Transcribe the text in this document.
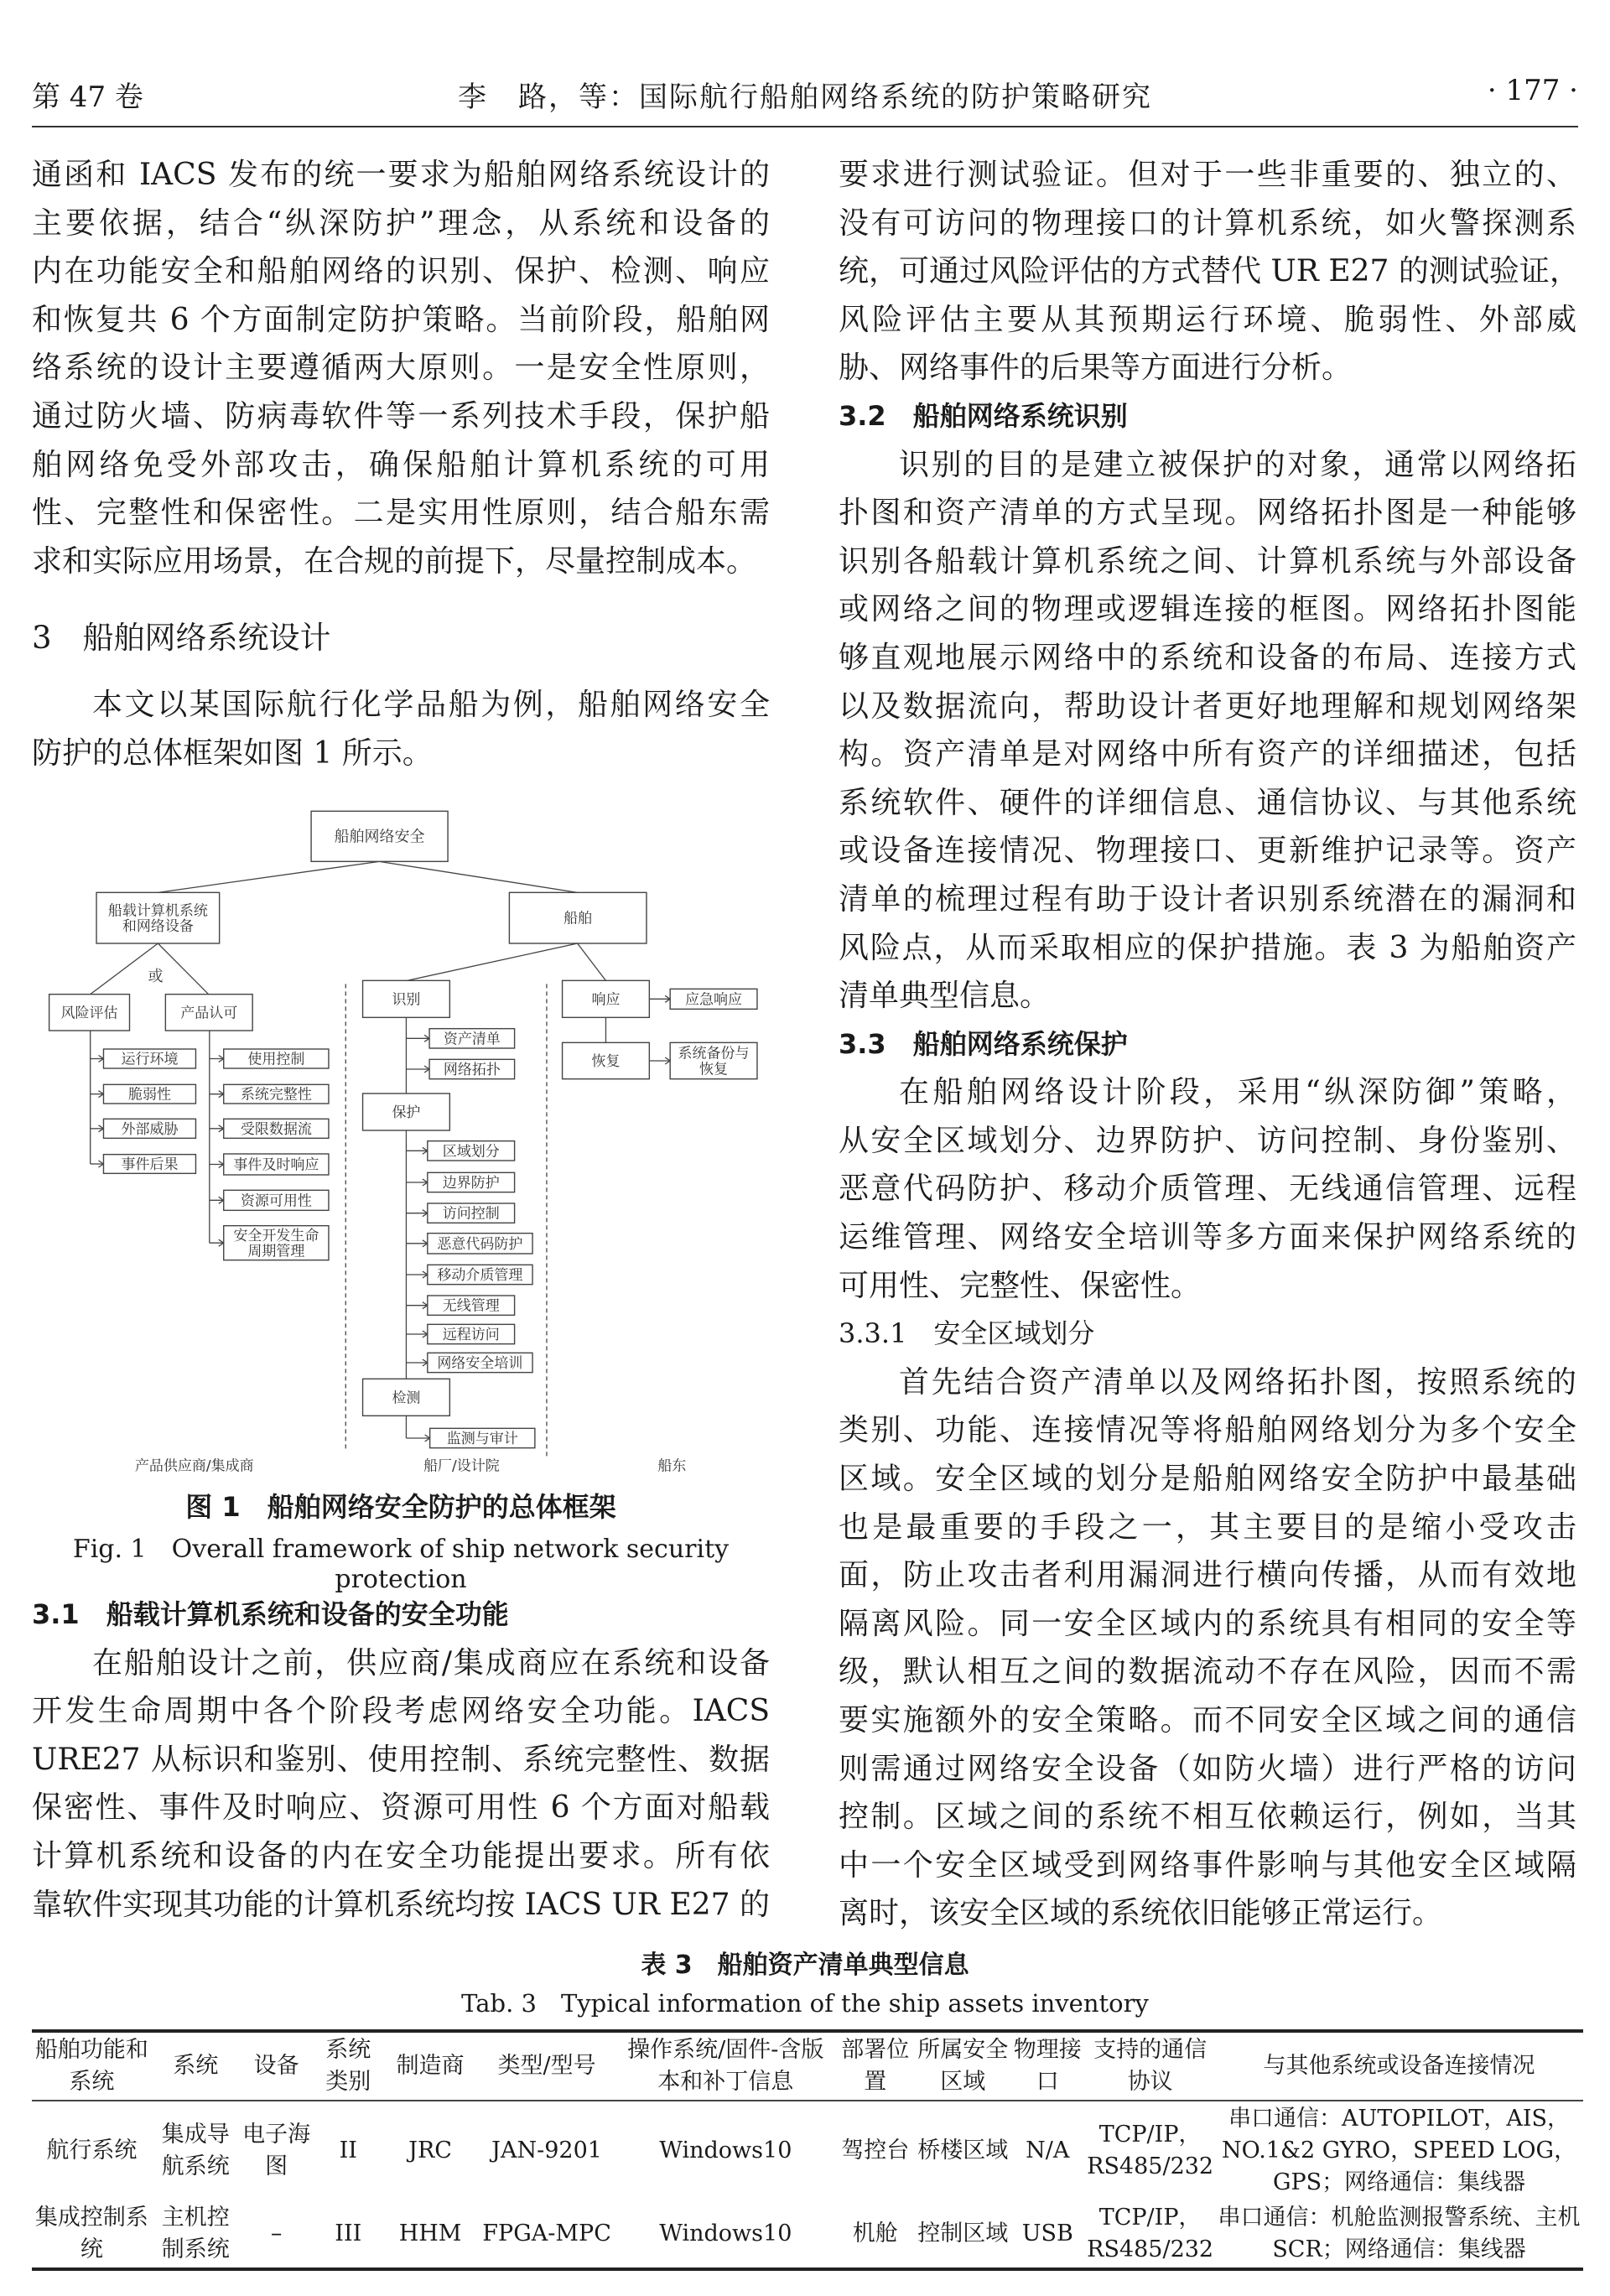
第 47 卷	李　路，等：国际航行船舶网络系统的防护策略研究	· 177 ·
通函和 IACS 发布的统一要求为船舶网络系统设计的
主要依据，结合“纵深防护”理念，从系统和设备的
内在功能安全和船舶网络的识别、保护、检测、响应
和恢复共 6 个方面制定防护策略。当前阶段，船舶网
络系统的设计主要遵循两大原则。一是安全性原则，
通过防火墙、防病毒软件等一系列技术手段，保护船
舶网络免受外部攻击，确保船舶计算机系统的可用
性、完整性和保密性。二是实用性原则，结合船东需
求和实际应用场景，在合规的前提下，尽量控制成本。
3　船舶网络系统设计
本文以某国际航行化学品船为例，船舶网络安全
防护的总体框架如图 1 所示。
船舶网络安全
船载计算机系统
和网络设备	船舶
或
风险评估	产品认可
运行环境
脆弱性
外部威胁
事件后果
使用控制
系统完整性
受限数据流
事件及时响应
资源可用性
安全开发生命
周期管理
识别
资产清单
网络拓扑
保护
区域划分
边界防护
访问控制
恶意代码防护
移动介质管理
无线管理
远程访问
网络安全培训
检测
监测与审计
响应	应急响应
恢复	系统备份与
恢复
产品供应商/集成商	船厂/设计院	船东
图 1　船舶网络安全防护的总体框架
Fig. 1　Overall framework of ship network security protection
3.1　船载计算机系统和设备的安全功能
在船舶设计之前，供应商/集成商应在系统和设备
开发生命周期中各个阶段考虑网络安全功能。IACS
URE27 从标识和鉴别、使用控制、系统完整性、数据
保密性、事件及时响应、资源可用性 6 个方面对船载
计算机系统和设备的内在安全功能提出要求。所有依
靠软件实现其功能的计算机系统均按 IACS UR E27 的
要求进行测试验证。但对于一些非重要的、独立的、
没有可访问的物理接口的计算机系统，如火警探测系
统，可通过风险评估的方式替代 UR E27 的测试验证，
风险评估主要从其预期运行环境、脆弱性、外部威
胁、网络事件的后果等方面进行分析。
3.2　船舶网络系统识别
识别的目的是建立被保护的对象，通常以网络拓
扑图和资产清单的方式呈现。网络拓扑图是一种能够
识别各船载计算机系统之间、计算机系统与外部设备
或网络之间的物理或逻辑连接的框图。网络拓扑图能
够直观地展示网络中的系统和设备的布局、连接方式
以及数据流向，帮助设计者更好地理解和规划网络架
构。资产清单是对网络中所有资产的详细描述，包括
系统软件、硬件的详细信息、通信协议、与其他系统
或设备连接情况、物理接口、更新维护记录等。资产
清单的梳理过程有助于设计者识别系统潜在的漏洞和
风险点，从而采取相应的保护措施。表 3 为船舶资产
清单典型信息。
3.3　船舶网络系统保护
在船舶网络设计阶段，采用“纵深防御”策略，
从安全区域划分、边界防护、访问控制、身份鉴别、
恶意代码防护、移动介质管理、无线通信管理、远程
运维管理、网络安全培训等多方面来保护网络系统的
可用性、完整性、保密性。
3.3.1　安全区域划分
首先结合资产清单以及网络拓扑图，按照系统的
类别、功能、连接情况等将船舶网络划分为多个安全
区域。安全区域的划分是船舶网络安全防护中最基础
也是最重要的手段之一，其主要目的是缩小受攻击
面，防止攻击者利用漏洞进行横向传播，从而有效地
隔离风险。同一安全区域内的系统具有相同的安全等
级，默认相互之间的数据流动不存在风险，因而不需
要实施额外的安全策略。而不同安全区域之间的通信
则需通过网络安全设备（如防火墙）进行严格的访问
控制。区域之间的系统不相互依赖运行，例如，当其
中一个安全区域受到网络事件影响与其他安全区域隔
离时，该安全区域的系统依旧能够正常运行。
表 3　船舶资产清单典型信息
Tab. 3　Typical information of the ship assets inventory
船舶功能和系统	系统	设备	系统类别	制造商	类型/型号	操作系统/固件-含版本和补丁信息	部署位置	所属安全区域	物理接口	支持的通信协议	与其他系统或设备连接情况
航行系统	集成导航系统	电子海图	II	JRC	JAN-9201	Windows10	驾控台	桥楼区域	N/A	TCP/IP，RS485/232	串口通信：AUTOPILOT，AIS，NO.1&2 GYRO，SPEED LOG，GPS；网络通信：集线器
集成控制系统	主机控制系统	–	III	HHM	FPGA-MPC	Windows10	机舱	控制区域	USB	TCP/IP，RS485/232	串口通信：机舱监测报警系统、主机SCR；网络通信：集线器
